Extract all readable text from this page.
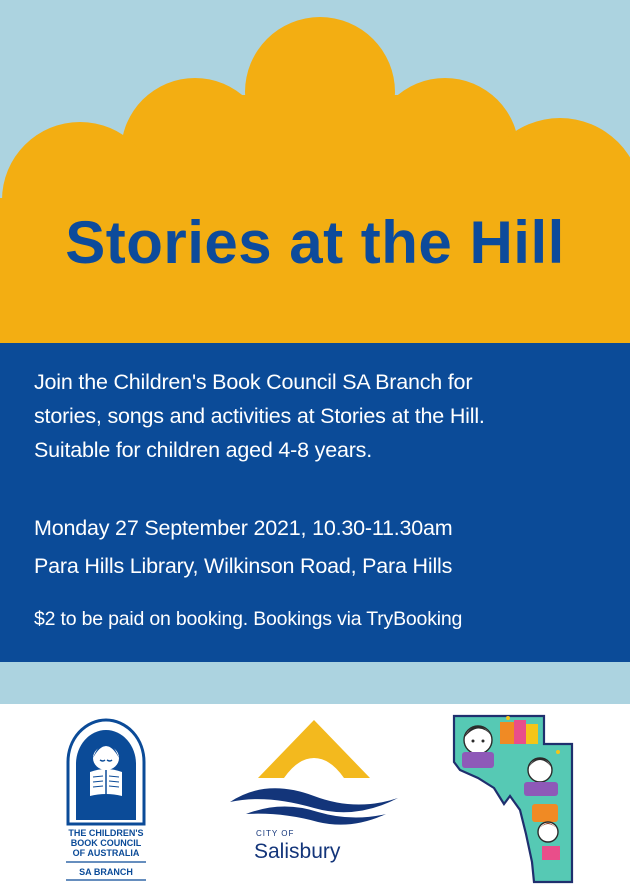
Stories at the Hill
Join the Children's Book Council SA Branch for
stories, songs and activities at Stories at the Hill.
Suitable for children aged 4-8 years.
Monday 27 September 2021, 10.30-11.30am
Para Hills Library, Wilkinson Road, Para Hills
$2 to be paid on booking. Bookings via TryBooking
THE CHILDREN'S
BOOK COUNCIL
OF AUSTRALIA
SA BRANCH
CITY OF
Salisbury
